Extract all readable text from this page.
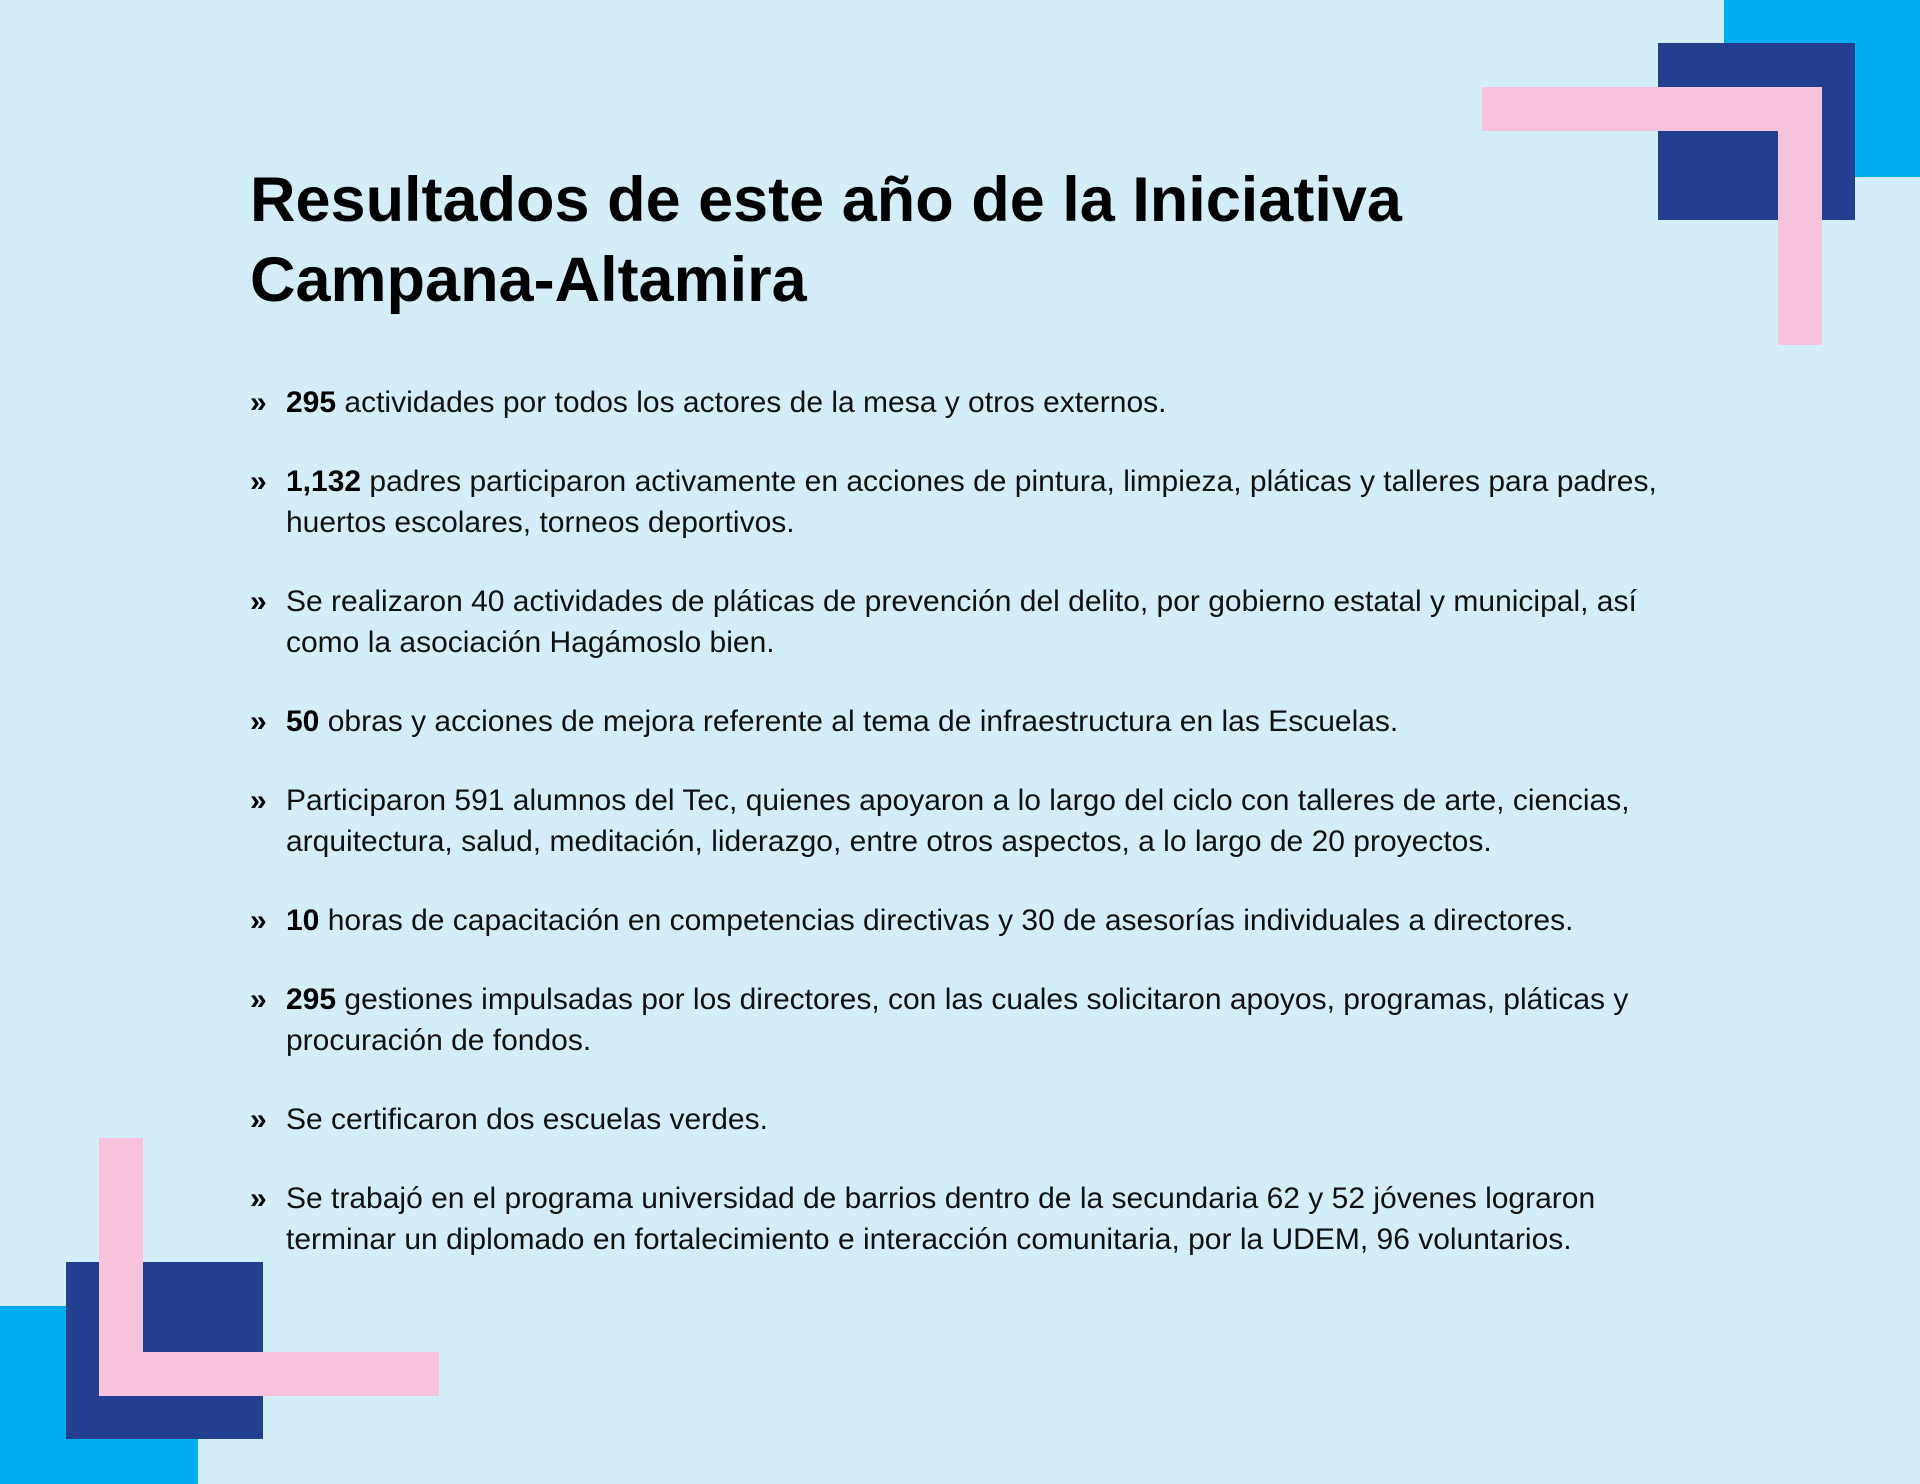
Resultados de este año de la Iniciativa
Campana-Altamira
» 295 actividades por todos los actores de la mesa y otros externos.
» 1,132 padres participaron activamente en acciones de pintura, limpieza, pláticas y talleres para padres,
huertos escolares, torneos deportivos.
» Se realizaron 40 actividades de pláticas de prevención del delito, por gobierno estatal y municipal, así
como la asociación Hagámoslo bien.
» 50 obras y acciones de mejora referente al tema de infraestructura en las Escuelas.
» Participaron 591 alumnos del Tec, quienes apoyaron a lo largo del ciclo con talleres de arte, ciencias,
arquitectura, salud, meditación, liderazgo, entre otros aspectos, a lo largo de 20 proyectos.
» 10 horas de capacitación en competencias directivas y 30 de asesorías individuales a directores.
» 295 gestiones impulsadas por los directores, con las cuales solicitaron apoyos, programas, pláticas y
procuración de fondos.
» Se certificaron dos escuelas verdes.
» Se trabajó en el programa universidad de barrios dentro de la secundaria 62 y 52 jóvenes lograron
terminar un diplomado en fortalecimiento e interacción comunitaria, por la UDEM, 96 voluntarios.
